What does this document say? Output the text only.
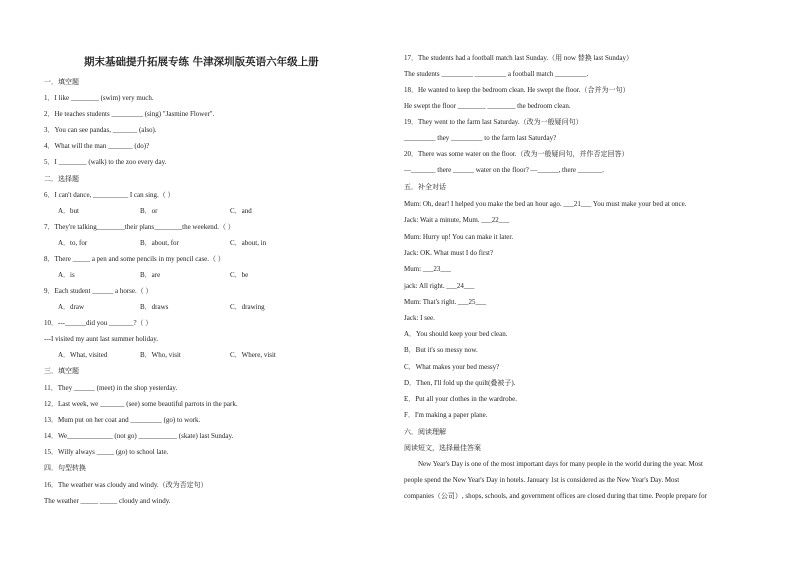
期末基础提升拓展专练 牛津深圳版英语六年级上册
一．填空题
1．I like ________ (swim) very much.
2．He teaches students _________ (sing) "Jasmine Flower".
3．You can see pandas, _______ (also).
4．What will the man _______ (do)?
5．I ________ (walk) to the zoo every day.
二．选择题
6．I can't dance, __________ I can sing.（ ）
A．but	B．or	C．and
7．They're talking________their plans________the weekend.（ ）
A．to, for	B．about, for	C．about, in
8．There _____ a pen and some pencils in my pencil case.（ ）
A．is	B．are	C．be
9．Each student ______ a horse.（ ）
A．draw	B．draws	C．drawing
10．---______did you _______?（ ）
---I visited my aunt last summer holiday.
A．What, visited	B．Who, visit	C．Where, visit
三．填空题
11．They ______ (meet) in the shop yesterday.
12．Last week, we _______ (see) some beautiful parrots in the park.
13．Mum put on her coat and _________ (go) to work.
14．We_____________ (not go) ___________ (skate) last Sunday.
15．Willy always _____ (go) to school late.
四．句型转换
16．The weather was cloudy and windy.（改为否定句）
The weather _____ _____ cloudy and windy.
17．The students had a football match last Sunday.（用 now 替换 last Sunday）
The students _________ _________ a football match _________.
18．He wanted to keep the bedroom clean. He swept the floor.（合并为一句）
He swept the floor ________ ________ the bedroom clean.
19．They went to the farm last Saturday.（改为一般疑问句）
_________ they _________ to the farm last Saturday?
20．There was some water on the floor.（改为一般疑问句，并作否定回答）
—_______ there ______ water on the floor? —______, there _______.
五．补全对话
Mum: Oh, dear! I helped you make the bed an hour ago. ___21___ You must make your bed at once.
Jack: Wait a minute, Mum. ___22___
Mum: Hurry up! You can make it later.
Jack: OK. What must I do first?
Mum: ___23___
jack: All right. ___24___
Mum: That's right. ___25___
Jack: I see.
A．You should keep your bed clean.
B．But it's so messy now.
C．What makes your bed messy?
D．Then, I'll fold up the quilt(叠被子).
E．Put all your clothes in the wardrobe.
F．I'm making a paper plane.
六．阅读理解
阅读短文，选择最佳答案
New Year's Day is one of the most important days for many people in the world during the year. Most
people spend the New Year's Day in hotels. January 1st is considered as the New Year's Day. Most
companies（公司）, shops, schools, and government offices are closed during that time. People prepare for
